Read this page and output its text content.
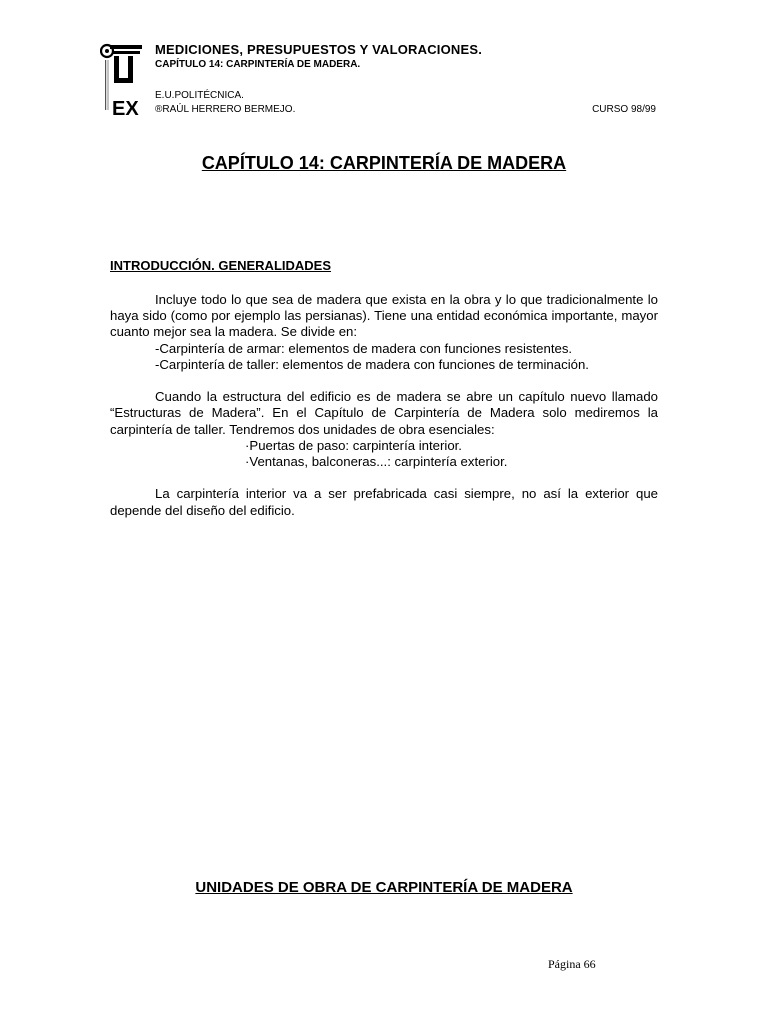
EX
MEDICIONES, PRESUPUESTOS Y VALORACIONES.
CAPÍTULO 14: CARPINTERÍA DE MADERA.
E.U.POLITÉCNICA.
®RAÚL HERRERO BERMEJO.	CURSO 98/99
CAPÍTULO 14: CARPINTERÍA DE MADERA
INTRODUCCIÓN. GENERALIDADES

Incluye todo lo que sea de madera que exista en la obra y lo que tradicionalmente lo haya sido (como por ejemplo las persianas). Tiene una entidad económica importante, mayor cuanto mejor sea la madera. Se divide en:

-Carpintería de armar: elementos de madera con funciones resistentes.
-Carpintería de taller: elementos de madera con funciones de terminación.

Cuando la estructura del edificio es de madera se abre un capítulo nuevo llamado “Estructuras de Madera”. En el Capítulo de Carpintería de Madera solo mediremos la carpintería de taller. Tendremos dos unidades de obra esenciales:

·Puertas de paso: carpintería interior.
·Ventanas, balconeras...: carpintería exterior.

La carpintería interior va a ser prefabricada casi siempre, no así la exterior que depende del diseño del edificio.

UNIDADES DE OBRA DE CARPINTERÍA DE MADERA
Página 66
